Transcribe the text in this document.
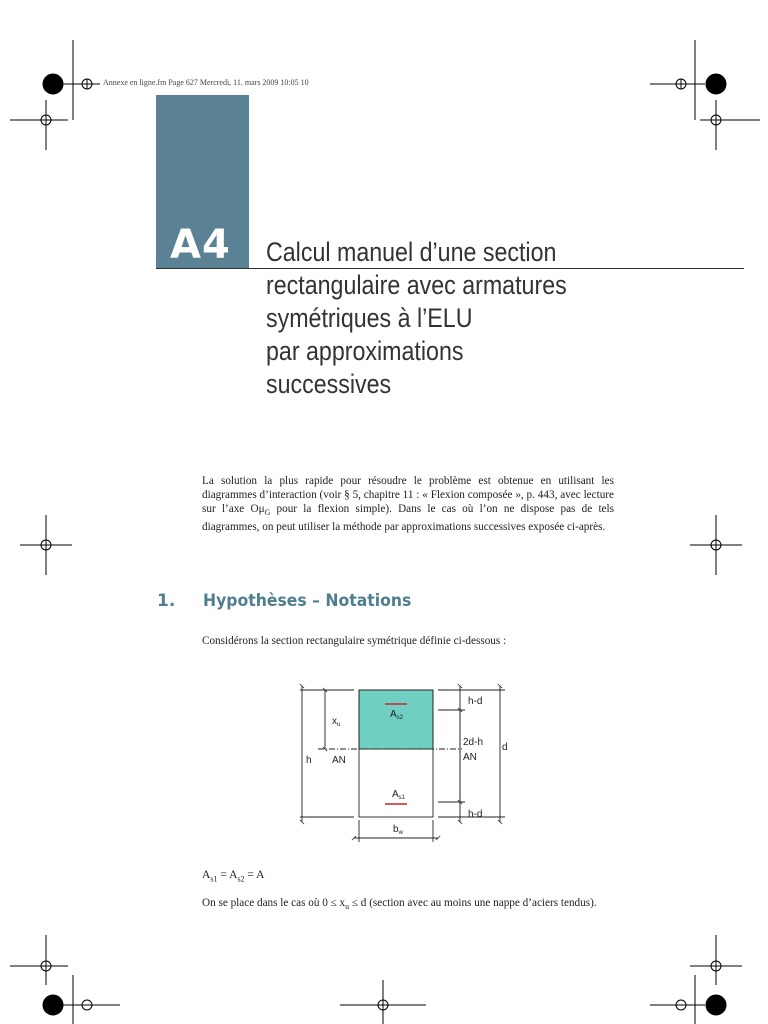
Annexe en ligne.fm Page 627 Mercredi, 11. mars 2009 10:05 10
A4 Calcul manuel d’une section
rectangulaire avec armatures
symétriques à l’ELU
par approximations
successives

La solution la plus rapide pour résoudre le problème est obtenue en utilisant les diagrammes d’interaction (voir § 5, chapitre 11 : « Flexion composée », p. 443, avec lecture sur l’axe $O\mu_G$ pour la flexion simple). Dans le cas où l’on ne dispose pas de tels diagrammes, on peut utiliser la méthode par approximations successives exposée ci-après.

1. Hypothèses – Notations

Considérons la section rectangulaire symétrique définie ci-dessous :

$A_{s2}$
$A_{s1}$
$x_u$
h AN	AN
h-d
2d-h d
h-d
$b_w$

$A_{s1} = A_{s2} = A$

On se place dans le cas où $0 \le x_u \le d$ (section avec au moins une nappe d’aciers tendus).
